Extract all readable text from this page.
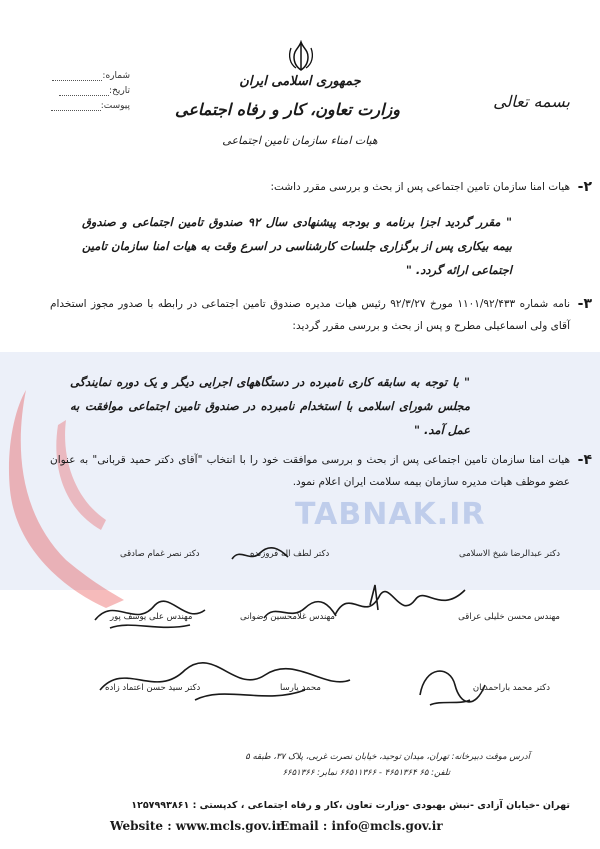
TABNAK.IR
جمهوری اسلامی ایران
وزارت تعاون، کار و رفاه اجتماعی
هیات امناء سازمان تامین اجتماعی
بسمه تعالی
شماره:
تاریخ:
پیوست:
۲-
هیات امنا سازمان تامین اجتماعی پس از بحث و بررسی مقرر داشت:
" مقرر گردید اجزا برنامه و بودجه پیشنهادی سال ۹۲ صندوق تامین اجتماعی و صندوق بیمه بیکاری پس از برگزاری جلسات کارشناسی در اسرع وقت به هیات امنا سازمان تامین اجتماعی ارائه گردد. "
۳-
نامه شماره ۱۱۰۱/۹۲/۴۳۳ مورخ ۹۲/۳/۲۷ رئیس هیات مدیره صندوق تامین اجتماعی در رابطه با صدور مجوز استخدام آقای ولی اسماعیلی مطرح و پس از بحث و بررسی مقرر گردید:
" با توجه به سابقه کاری نامبرده در دستگاههای اجرایی دیگر و یک دوره نمایندگی مجلس شورای اسلامی با استخدام نامبرده در صندوق تامین اجتماعی موافقت به عمل آمد. "
۴-
هیات امنا سازمان تامین اجتماعی پس از بحث و بررسی موافقت خود را با انتخاب "آقای دکتر حمید قربانی" به عنوان عضو موظف هیات مدیره سازمان بیمه سلامت ایران اعلام نمود.
دکتر عبدالرضا شیخ الاسلامی
دکتر لطف اله فروزنده
دکتر نصر غمام صادقی
مهندس محسن خلیلی عراقی
مهندس غلامحسین رضوانی
مهندس علی یوسف پور
دکتر محمد باراحمدیان
محمد پارسا
دکتر سید حسن اعتماد زاده
آدرس موقت دبیرخانه: تهران، میدان توحید، خیابان نصرت غربی، پلاک ۳۷، طبقه ۵
تلفن: ۶۵ ۴۶۵۱۳۶۴ - ۶۶۵۱۱۳۶۶ نمابر: ۶۶۵۱۳۶۶
تهران -خیابان آزادی -نبش بهبودی -وزارت تعاون ،کار و رفاه اجتماعی ، کدپستی : ۱۲۵۷۹۹۳۸۶۱
Website : www.mcls.gov.ir
Email : info@mcls.gov.ir
